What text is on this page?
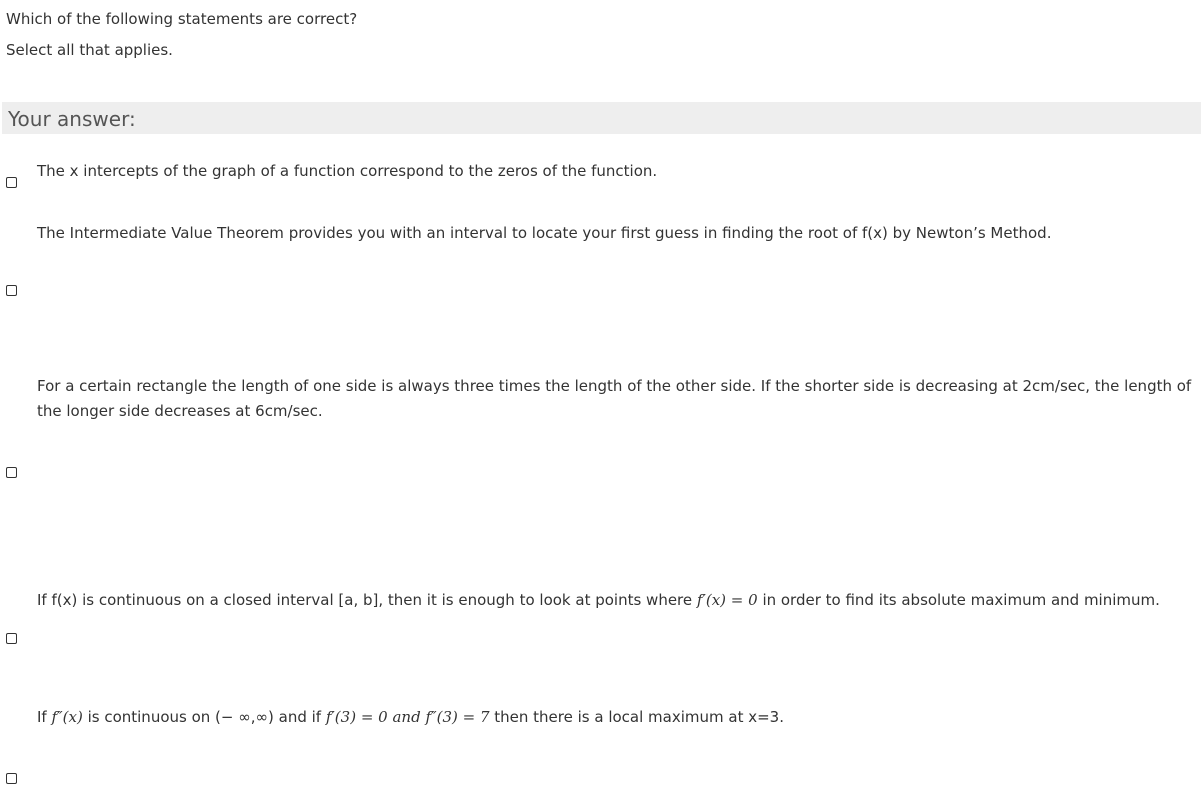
Which of the following statements are correct?
Select all that applies.
Your answer:
The x intercepts of the graph of a function correspond to the zeros of the function.
The Intermediate Value Theorem provides you with an interval to locate your first guess in finding the root of f(x) by Newton’s Method.
For a certain rectangle the length of one side is always three times the length of the other side. If the shorter side is decreasing at 2cm/sec, the length of the longer side decreases at 6cm/sec.
If f(x) is continuous on a closed interval [a, b], then it is enough to look at points where f′(x) = 0 in order to find its absolute maximum and minimum.
If f″(x) is continuous on (− ∞,∞) and if f′(3) = 0 and f″(3) = 7 then there is a local maximum at x=3.
